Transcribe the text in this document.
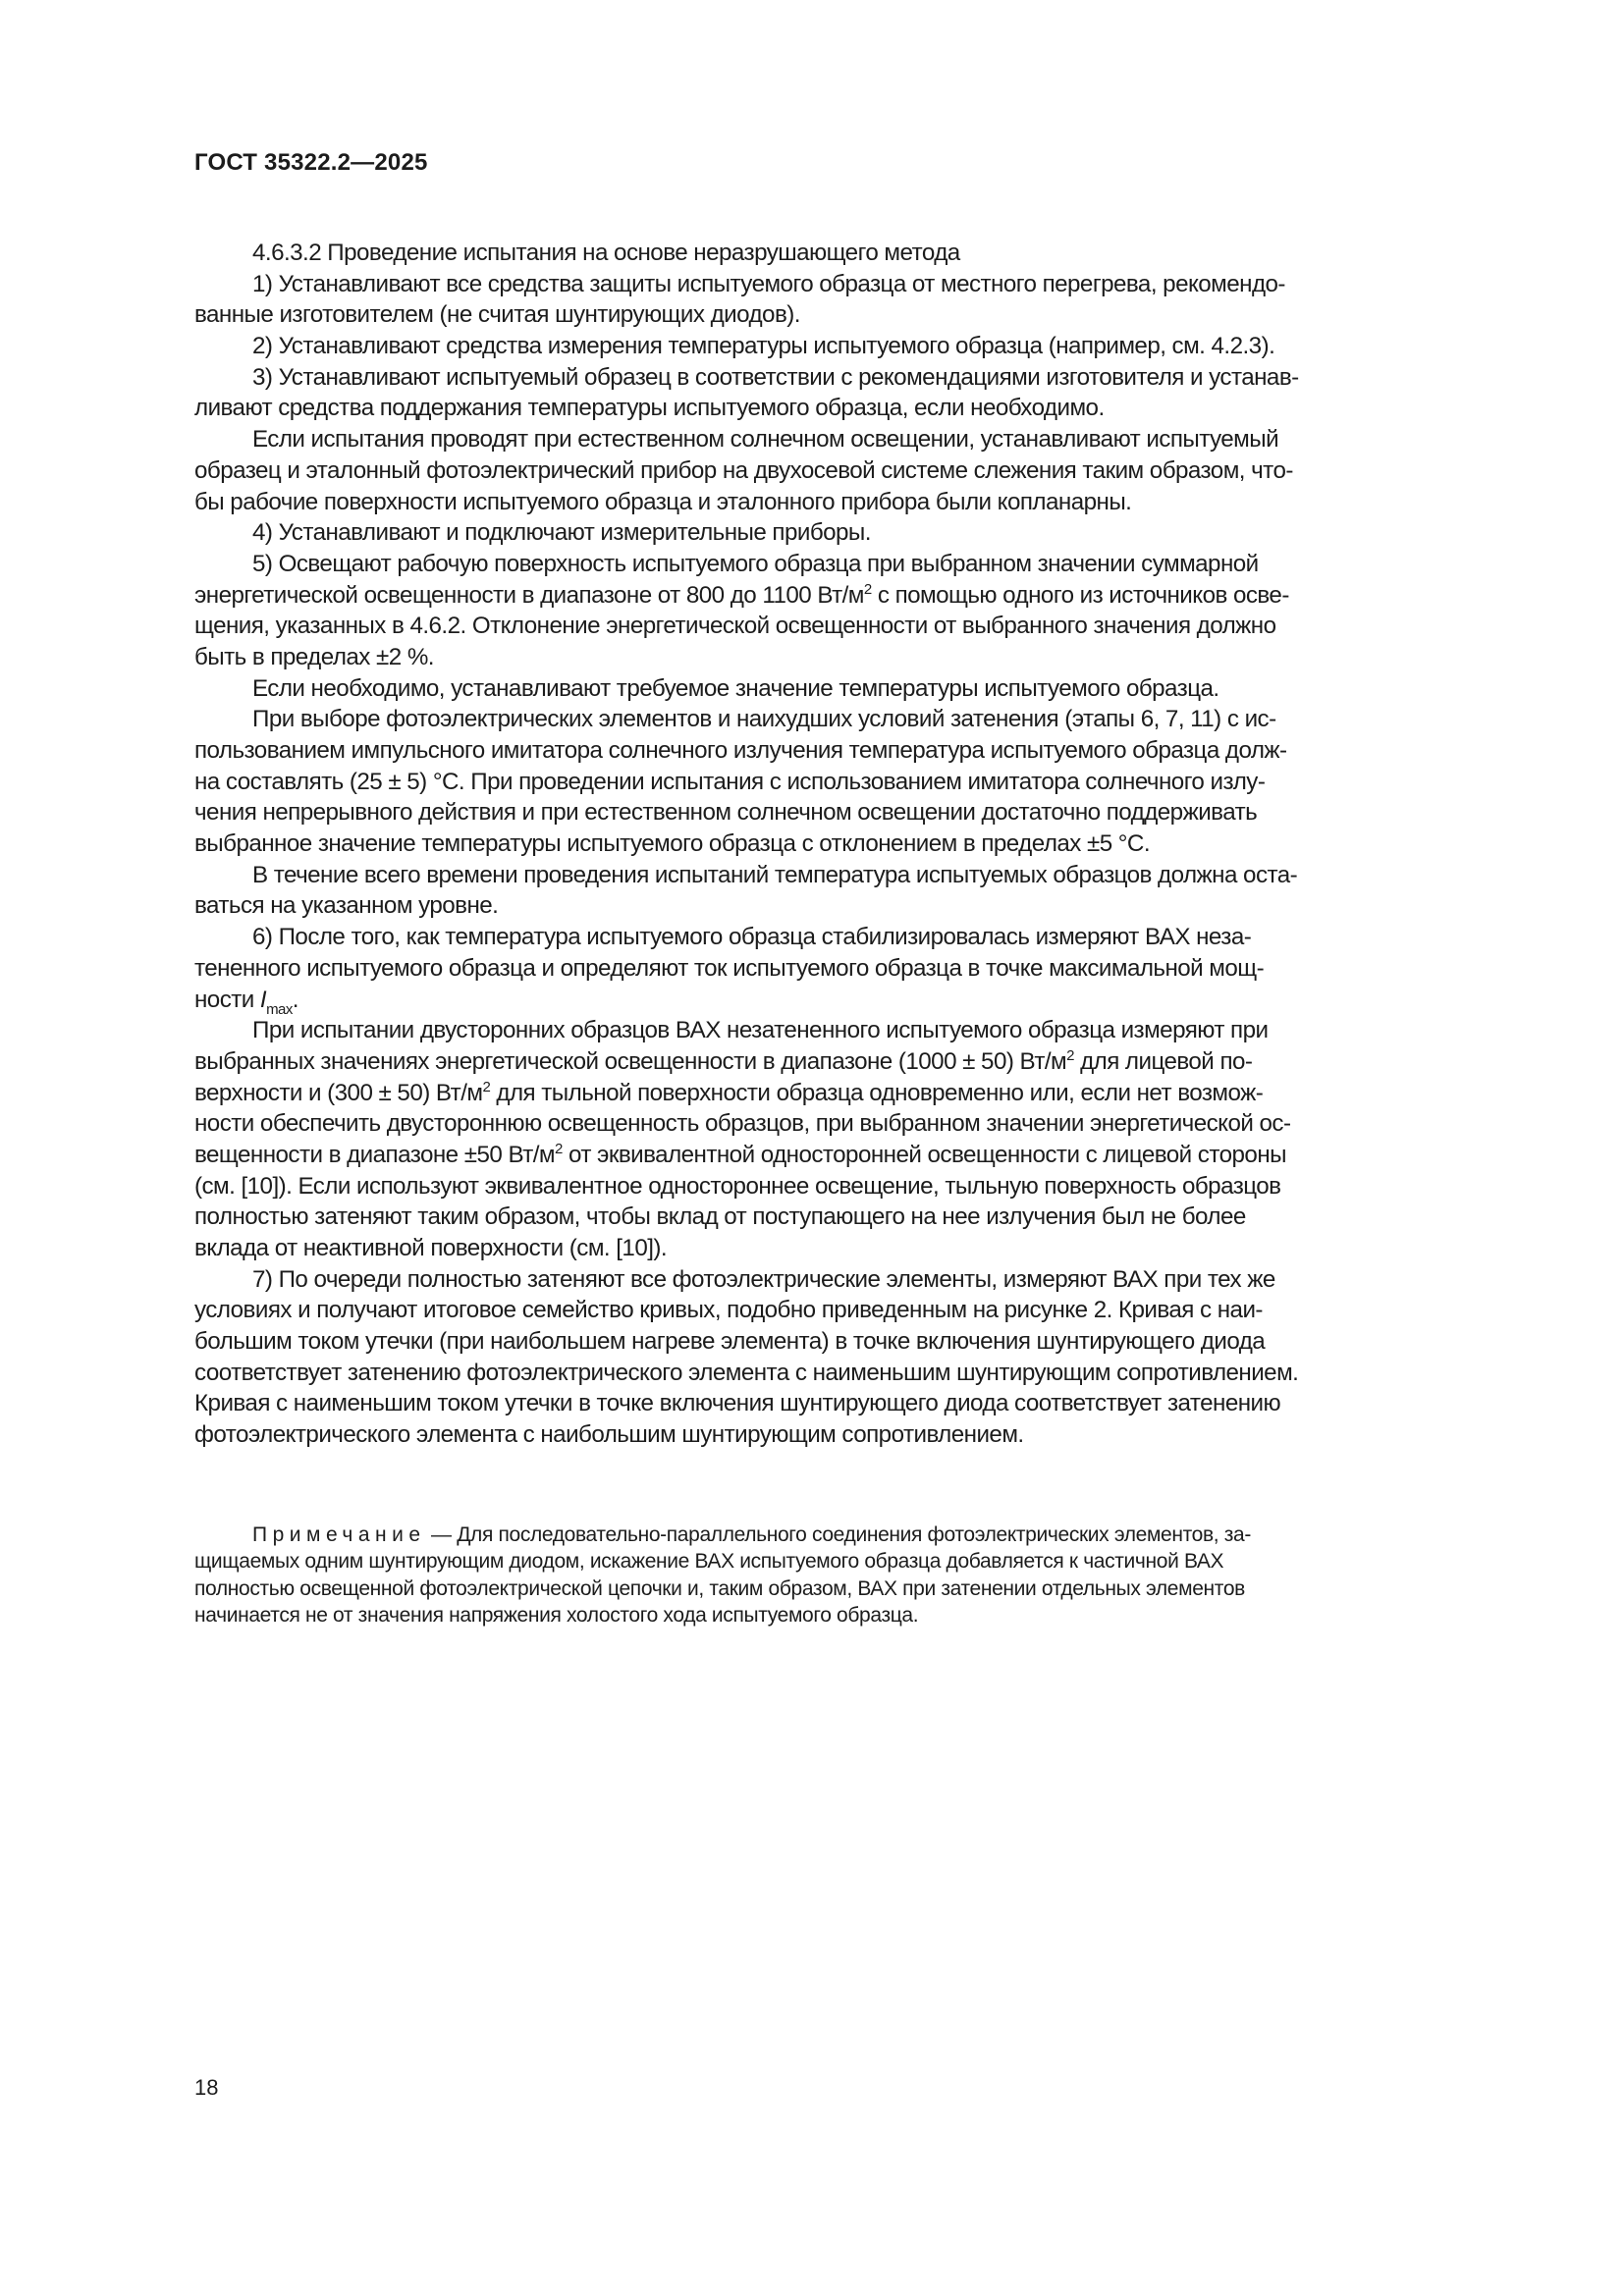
ГОСТ 35322.2—2025
4.6.3.2 Проведение испытания на основе неразрушающего метода
1) Устанавливают все средства защиты испытуемого образца от местного перегрева, рекомендо-
ванные изготовителем (не считая шунтирующих диодов).
2) Устанавливают средства измерения температуры испытуемого образца (например, см. 4.2.3).
3) Устанавливают испытуемый образец в соответствии с рекомендациями изготовителя и устанав-
ливают средства поддержания температуры испытуемого образца, если необходимо.
Если испытания проводят при естественном солнечном освещении, устанавливают испытуемый
образец и эталонный фотоэлектрический прибор на двухосевой системе слежения таким образом, что-
бы рабочие поверхности испытуемого образца и эталонного прибора были копланарны.
4) Устанавливают и подключают измерительные приборы.
5) Освещают рабочую поверхность испытуемого образца при выбранном значении суммарной
энергетической освещенности в диапазоне от 800 до 1100 $Вт/м^2$ с помощью одного из источников осве-
щения, указанных в 4.6.2. Отклонение энергетической освещенности от выбранного значения должно
быть в пределах ±2 %.
Если необходимо, устанавливают требуемое значение температуры испытуемого образца.
При выборе фотоэлектрических элементов и наихудших условий затенения (этапы 6, 7, 11) с ис-
пользованием импульсного имитатора солнечного излучения температура испытуемого образца долж-
на составлять (25 ± 5) °С. При проведении испытания с использованием имитатора солнечного излу-
чения непрерывного действия и при естественном солнечном освещении достаточно поддерживать
выбранное значение температуры испытуемого образца с отклонением в пределах ±5 °С.
В течение всего времени проведения испытаний температура испытуемых образцов должна оста-
ваться на указанном уровне.
6) После того, как температура испытуемого образца стабилизировалась измеряют ВАХ неза-
тененного испытуемого образца и определяют ток испытуемого образца в точке максимальной мощ-
ности $I_{max}$.
При испытании двусторонних образцов ВАХ незатененного испытуемого образца измеряют при
выбранных значениях энергетической освещенности в диапазоне (1000 ± 50) $Вт/м^2$ для лицевой по-
верхности и (300 ± 50) $Вт/м^2$ для тыльной поверхности образца одновременно или, если нет возмож-
ности обеспечить двустороннюю освещенность образцов, при выбранном значении энергетической ос-
вещенности в диапазоне ±50 $Вт/м^2$ от эквивалентной односторонней освещенности с лицевой стороны
(см. [10]). Если используют эквивалентное одностороннее освещение, тыльную поверхность образцов
полностью затеняют таким образом, чтобы вклад от поступающего на нее излучения был не более
вклада от неактивной поверхности (см. [10]).
7) По очереди полностью затеняют все фотоэлектрические элементы, измеряют ВАХ при тех же
условиях и получают итоговое семейство кривых, подобно приведенным на рисунке 2. Кривая с наи-
большим током утечки (при наибольшем нагреве элемента) в точке включения шунтирующего диода
соответствует затенению фотоэлектрического элемента с наименьшим шунтирующим сопротивлением.
Кривая с наименьшим током утечки в точке включения шунтирующего диода соответствует затенению
фотоэлектрического элемента с наибольшим шунтирующим сопротивлением.
Примечание — Для последовательно-параллельного соединения фотоэлектрических элементов, за-
щищаемых одним шунтирующим диодом, искажение ВАХ испытуемого образца добавляется к частичной ВАХ
полностью освещенной фотоэлектрической цепочки и, таким образом, ВАХ при затенении отдельных элементов
начинается не от значения напряжения холостого хода испытуемого образца.
18
